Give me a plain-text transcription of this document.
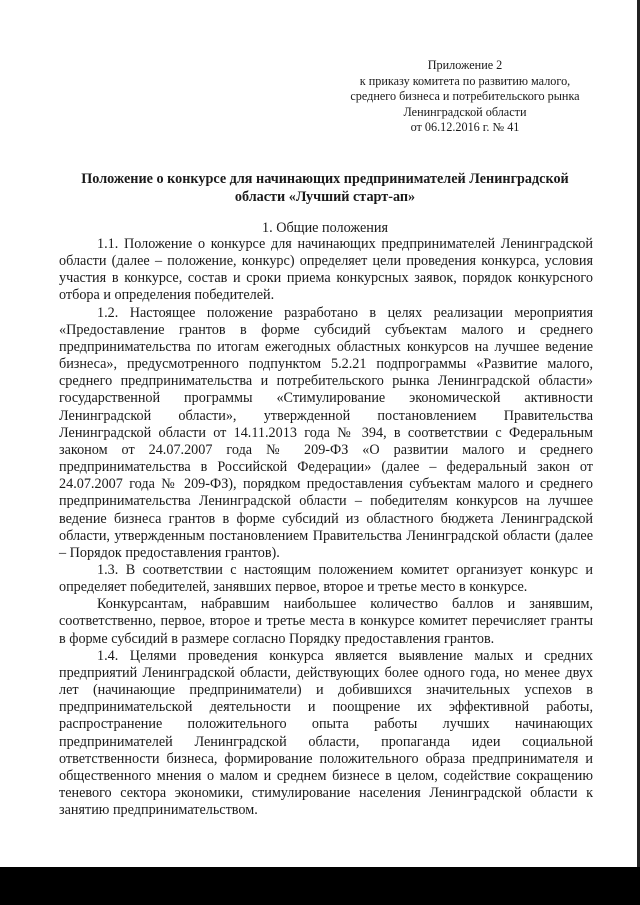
Приложение 2
к приказу комитета по развитию малого,
среднего бизнеса и потребительского рынка
Ленинградской области
от 06.12.2016 г. № 41
Положение о конкурсе для начинающих предпринимателей Ленинградской области «Лучший старт-ап»
1. Общие положения

1.1. Положение о конкурсе для начинающих предпринимателей Ленинградской области (далее – положение, конкурс) определяет цели проведения конкурса, условия участия в конкурсе, состав и сроки приема конкурсных заявок, порядок конкурсного отбора и определения победителей.

1.2. Настоящее положение разработано в целях реализации мероприятия «Предоставление грантов в форме субсидий субъектам малого и среднего предпринимательства по итогам ежегодных областных конкурсов на лучшее ведение бизнеса», предусмотренного подпунктом 5.2.21 подпрограммы «Развитие малого, среднего предпринимательства и потребительского рынка Ленинградской области» государственной программы «Стимулирование экономической активности Ленинградской области», утвержденной постановлением Правительства Ленинградской области от 14.11.2013 года № 394, в соответствии с Федеральным законом от 24.07.2007 года № 209-ФЗ «О развитии малого и среднего предпринимательства в Российской Федерации» (далее – федеральный закон от 24.07.2007 года № 209-ФЗ), порядком предоставления субъектам малого и среднего предпринимательства Ленинградской области – победителям конкурсов на лучшее ведение бизнеса грантов в форме субсидий из областного бюджета Ленинградской области, утвержденным постановлением Правительства Ленинградской области (далее – Порядок предоставления грантов).

1.3. В соответствии с настоящим положением комитет организует конкурс и определяет победителей, занявших первое, второе и третье место в конкурсе.

Конкурсантам, набравшим наибольшее количество баллов и занявшим, соответственно, первое, второе и третье места в конкурсе комитет перечисляет гранты в форме субсидий в размере согласно Порядку предоставления грантов.

1.4. Целями проведения конкурса является выявление малых и средних предприятий Ленинградской области, действующих более одного года, но менее двух лет (начинающие предприниматели) и добившихся значительных успехов в предпринимательской деятельности и поощрение их эффективной работы, распространение положительного опыта работы лучших начинающих предпринимателей Ленинградской области, пропаганда идеи социальной ответственности бизнеса, формирование положительного образа предпринимателя и общественного мнения о малом и среднем бизнесе в целом, содействие сокращению теневого сектора экономики, стимулирование населения Ленинградской области к занятию предпринимательством.
